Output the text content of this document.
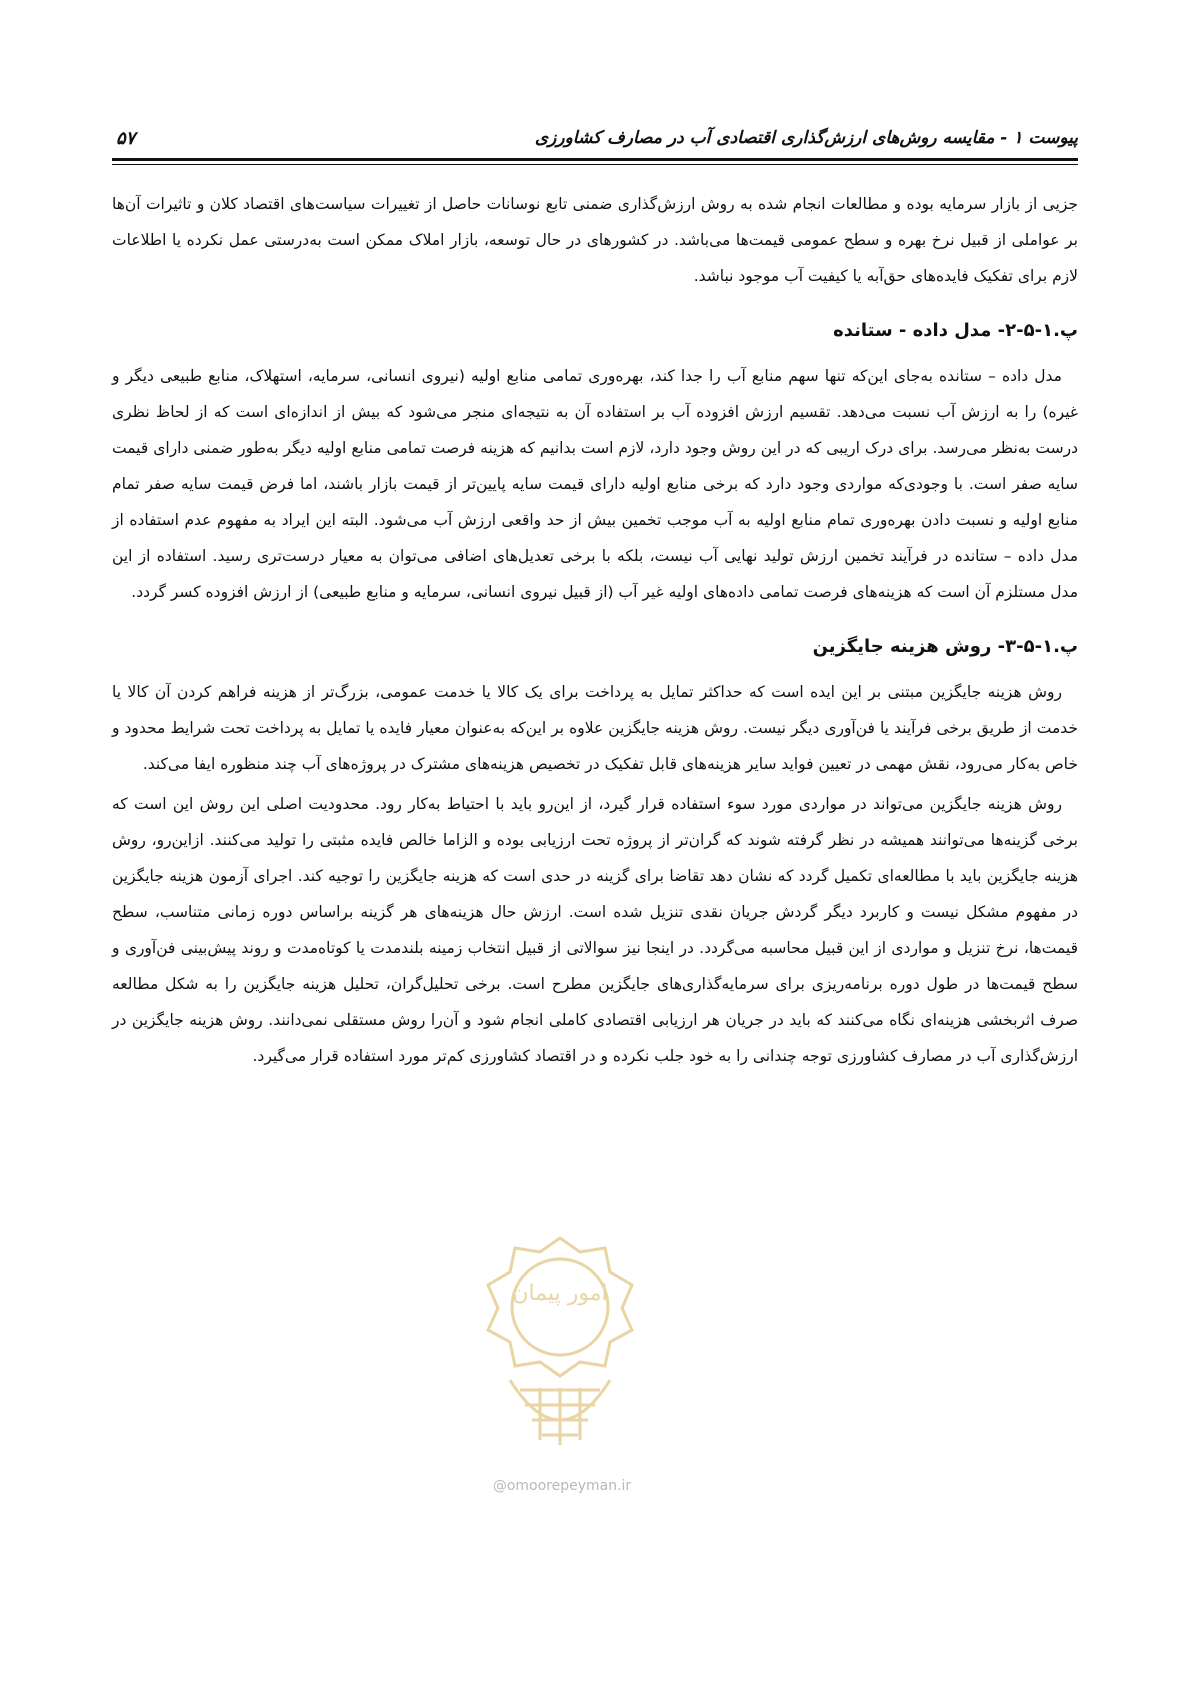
پیوست ۱ - مقایسه روش‌های ارزش‌گذاری اقتصادی آب در مصارف کشاورزی
۵۷

جزیی از بازار سرمایه بوده و مطالعات انجام شده به روش ارزش‌گذاری ضمنی تابع نوسانات حاصل از تغییرات سیاست‌های اقتصاد کلان و تاثیرات آن‌ها بر عواملی از قبیل نرخ بهره و سطح عمومی قیمت‌ها می‌باشد. در کشورهای در حال توسعه، بازار املاک ممکن است به‌درستی عمل نکرده یا اطلاعات لازم برای تفکیک فایده‌های حق‌آبه یا کیفیت آب موجود نباشد.

پ.۱-۵-۲- مدل داده - ستانده

مدل داده – ستانده به‌جای این‌که تنها سهم منابع آب را جدا کند، بهره‌وری تمامی منابع اولیه (نیروی انسانی، سرمایه، استهلاک، منابع طبیعی دیگر و غیره) را به ارزش آب نسبت می‌دهد. تقسیم ارزش افزوده آب بر استفاده آن به نتیجه‌ای منجر می‌شود که بیش از اندازه‌ای است که از لحاظ نظری درست به‌نظر می‌رسد. برای درک اریبی که در این روش وجود دارد، لازم است بدانیم که هزینه فرصت تمامی منابع اولیه دیگر به‌طور ضمنی دارای قیمت سایه صفر است. با وجودی‌که مواردی وجود دارد که برخی منابع اولیه دارای قیمت سایه پایین‌تر از قیمت بازار باشند، اما فرض قیمت سایه صفر تمام منابع اولیه و نسبت دادن بهره‌وری تمام منابع اولیه به آب موجب تخمین بیش از حد واقعی ارزش آب می‌شود. البته این ایراد به مفهوم عدم استفاده از مدل داده – ستانده در فرآیند تخمین ارزش تولید نهایی آب نیست، بلکه با برخی تعدیل‌های اضافی می‌توان به معیار درست‌تری رسید. استفاده از این مدل مستلزم آن است که هزینه‌های فرصت تمامی داده‌های اولیه غیر آب (از قبیل نیروی انسانی، سرمایه و منابع طبیعی) از ارزش افزوده کسر گردد.

پ.۱-۵-۳- روش هزینه جایگزین

روش هزینه جایگزین مبتنی بر این ایده است که حداکثر تمایل به پرداخت برای یک کالا یا خدمت عمومی، بزرگ‌تر از هزینه فراهم کردن آن کالا یا خدمت از طریق برخی فرآیند یا فن‌آوری دیگر نیست. روش هزینه جایگزین علاوه بر این‌که به‌عنوان معیار فایده یا تمایل به پرداخت تحت شرایط محدود و خاص به‌کار می‌رود، نقش مهمی در تعیین فواید سایر هزینه‌های قابل تفکیک در تخصیص هزینه‌های مشترک در پروژه‌های آب چند منظوره ایفا می‌کند.

روش هزینه جایگزین می‌تواند در مواردی مورد سوء استفاده قرار گیرد، از این‌رو باید با احتیاط به‌کار رود. محدودیت اصلی این روش این است که برخی گزینه‌ها می‌توانند همیشه در نظر گرفته شوند که گران‌تر از پروژه تحت ارزیابی بوده و الزاما خالص فایده مثبتی را تولید می‌کنند. ازاین‌رو، روش هزینه جایگزین باید با مطالعه‌ای تکمیل گردد که نشان دهد تقاضا برای گزینه در حدی است که هزینه جایگزین را توجیه کند. اجرای آزمون هزینه جایگزین در مفهوم مشکل نیست و کاربرد دیگر گردش جریان نقدی تنزیل شده است. ارزش حال هزینه‌های هر گزینه براساس دوره زمانی متناسب، سطح قیمت‌ها، نرخ تنزیل و مواردی از این قبیل محاسبه می‌گردد. در اینجا نیز سوالاتی از قبیل انتخاب زمینه بلندمدت یا کوتاه‌مدت و روند پیش‌بینی فن‌آوری و سطح قیمت‌ها در طول دوره برنامه‌ریزی برای سرمایه‌گذاری‌های جایگزین مطرح است. برخی تحلیل‌گران، تحلیل هزینه جایگزین را به شکل مطالعه صرف اثربخشی هزینه‌ای نگاه می‌کنند که باید در جریان هر ارزیابی اقتصادی کاملی انجام شود و آن‌را روش مستقلی نمی‌دانند. روش هزینه جایگزین در ارزش‌گذاری آب در مصارف کشاورزی توجه چندانی را به خود جلب نکرده و در اقتصاد کشاورزی کم‌تر مورد استفاده قرار می‌گیرد.

امور پیمان
@omoorepeyman.ir
